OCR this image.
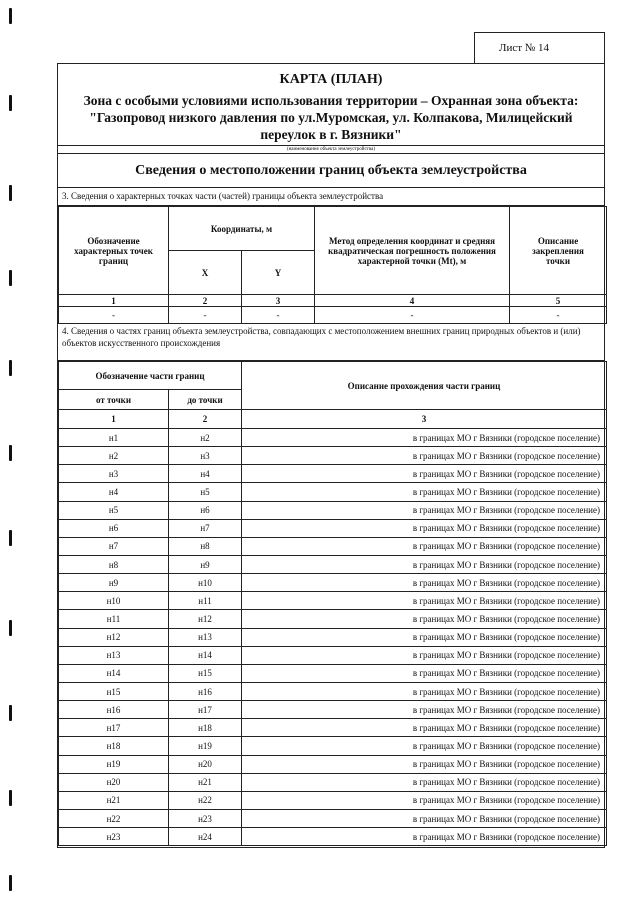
Лист № 14
КАРТА (ПЛАН)
Зона с особыми условиями использования территории – Охранная зона объекта:
"Газопровод низкого давления по ул.Муромская, ул. Колпакова, Милицейский
переулок в г. Вязники"
(наименование объекта землеустройства)
Сведения о местоположении границ объекта землеустройства
3. Сведения о характерных точках части (частей) границы объекта землеустройства
Обозначение характерных точек границ	Координаты, м		Метод определения координат и средняя квадратическая погрешность положения характерной точки (Mt), м	Описание закрепления точки
	X	Y		
1	2	3	4	5
-	-	-	-	-
4. Сведения о частях границ объекта землеустройства, совпадающих с местоположением внешних границ природных объектов и (или) объектов искусственного происхождения
Обозначение части границ		Описание прохождения части границ
от точки	до точки	
1	2	3
н1	н2	в границах МО г Вязники (городское поселение)
н2	н3	в границах МО г Вязники (городское поселение)
н3	н4	в границах МО г Вязники (городское поселение)
н4	н5	в границах МО г Вязники (городское поселение)
н5	н6	в границах МО г Вязники (городское поселение)
н6	н7	в границах МО г Вязники (городское поселение)
н7	н8	в границах МО г Вязники (городское поселение)
н8	н9	в границах МО г Вязники (городское поселение)
н9	н10	в границах МО г Вязники (городское поселение)
н10	н11	в границах МО г Вязники (городское поселение)
н11	н12	в границах МО г Вязники (городское поселение)
н12	н13	в границах МО г Вязники (городское поселение)
н13	н14	в границах МО г Вязники (городское поселение)
н14	н15	в границах МО г Вязники (городское поселение)
н15	н16	в границах МО г Вязники (городское поселение)
н16	н17	в границах МО г Вязники (городское поселение)
н17	н18	в границах МО г Вязники (городское поселение)
н18	н19	в границах МО г Вязники (городское поселение)
н19	н20	в границах МО г Вязники (городское поселение)
н20	н21	в границах МО г Вязники (городское поселение)
н21	н22	в границах МО г Вязники (городское поселение)
н22	н23	в границах МО г Вязники (городское поселение)
н23	н24	в границах МО г Вязники (городское поселение)
